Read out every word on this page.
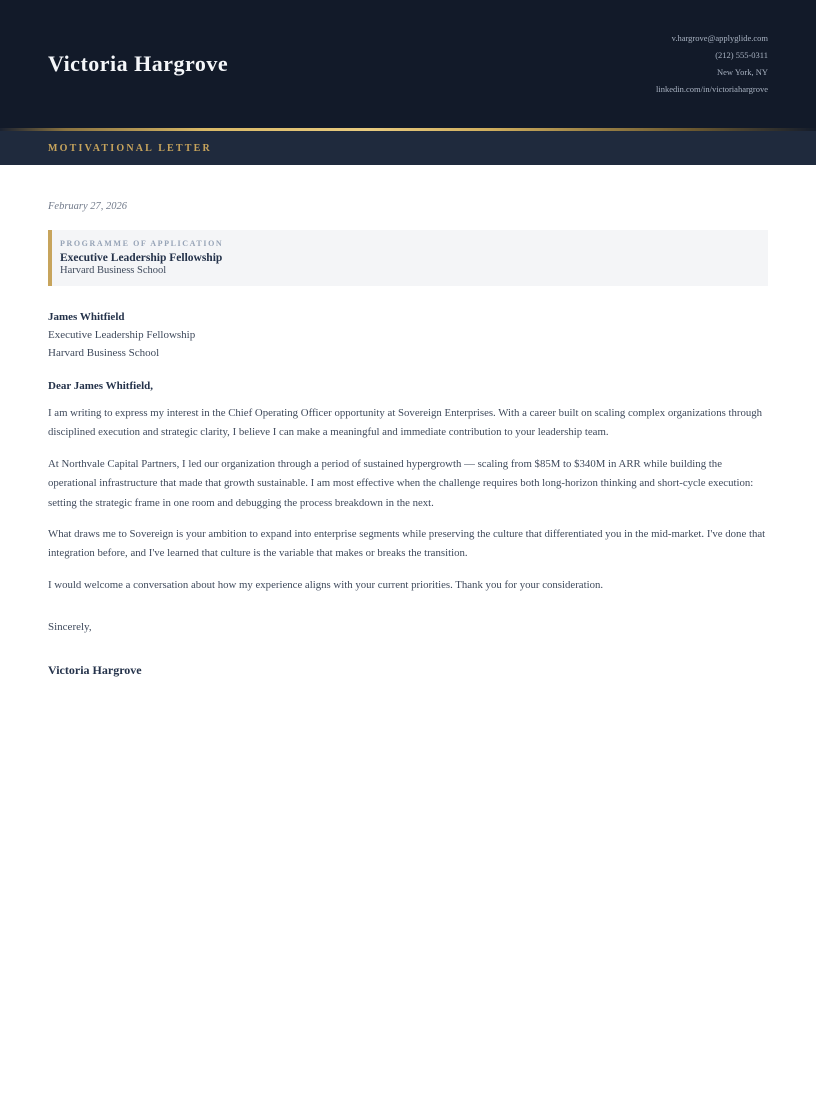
Victoria Hargrove
v.hargrove@applyglide.com
(212) 555-0311
New York, NY
linkedin.com/in/victoriahargrove
MOTIVATIONAL LETTER

February 27, 2026

PROGRAMME OF APPLICATION
Executive Leadership Fellowship
Harvard Business School
James Whitfield
Executive Leadership Fellowship
Harvard Business School

Dear James Whitfield,

I am writing to express my interest in the Chief Operating Officer opportunity at Sovereign Enterprises. With a career built on scaling complex organizations through disciplined execution and strategic clarity, I believe I can make a meaningful and immediate contribution to your leadership team.

At Northvale Capital Partners, I led our organization through a period of sustained hypergrowth — scaling from $85M to $340M in ARR while building the operational infrastructure that made that growth sustainable. I am most effective when the challenge requires both long-horizon thinking and short-cycle execution: setting the strategic frame in one room and debugging the process breakdown in the next.

What draws me to Sovereign is your ambition to expand into enterprise segments while preserving the culture that differentiated you in the mid-market. I've done that integration before, and I've learned that culture is the variable that makes or breaks the transition.

I would welcome a conversation about how my experience aligns with your current priorities. Thank you for your consideration.

Sincerely,

Victoria Hargrove
